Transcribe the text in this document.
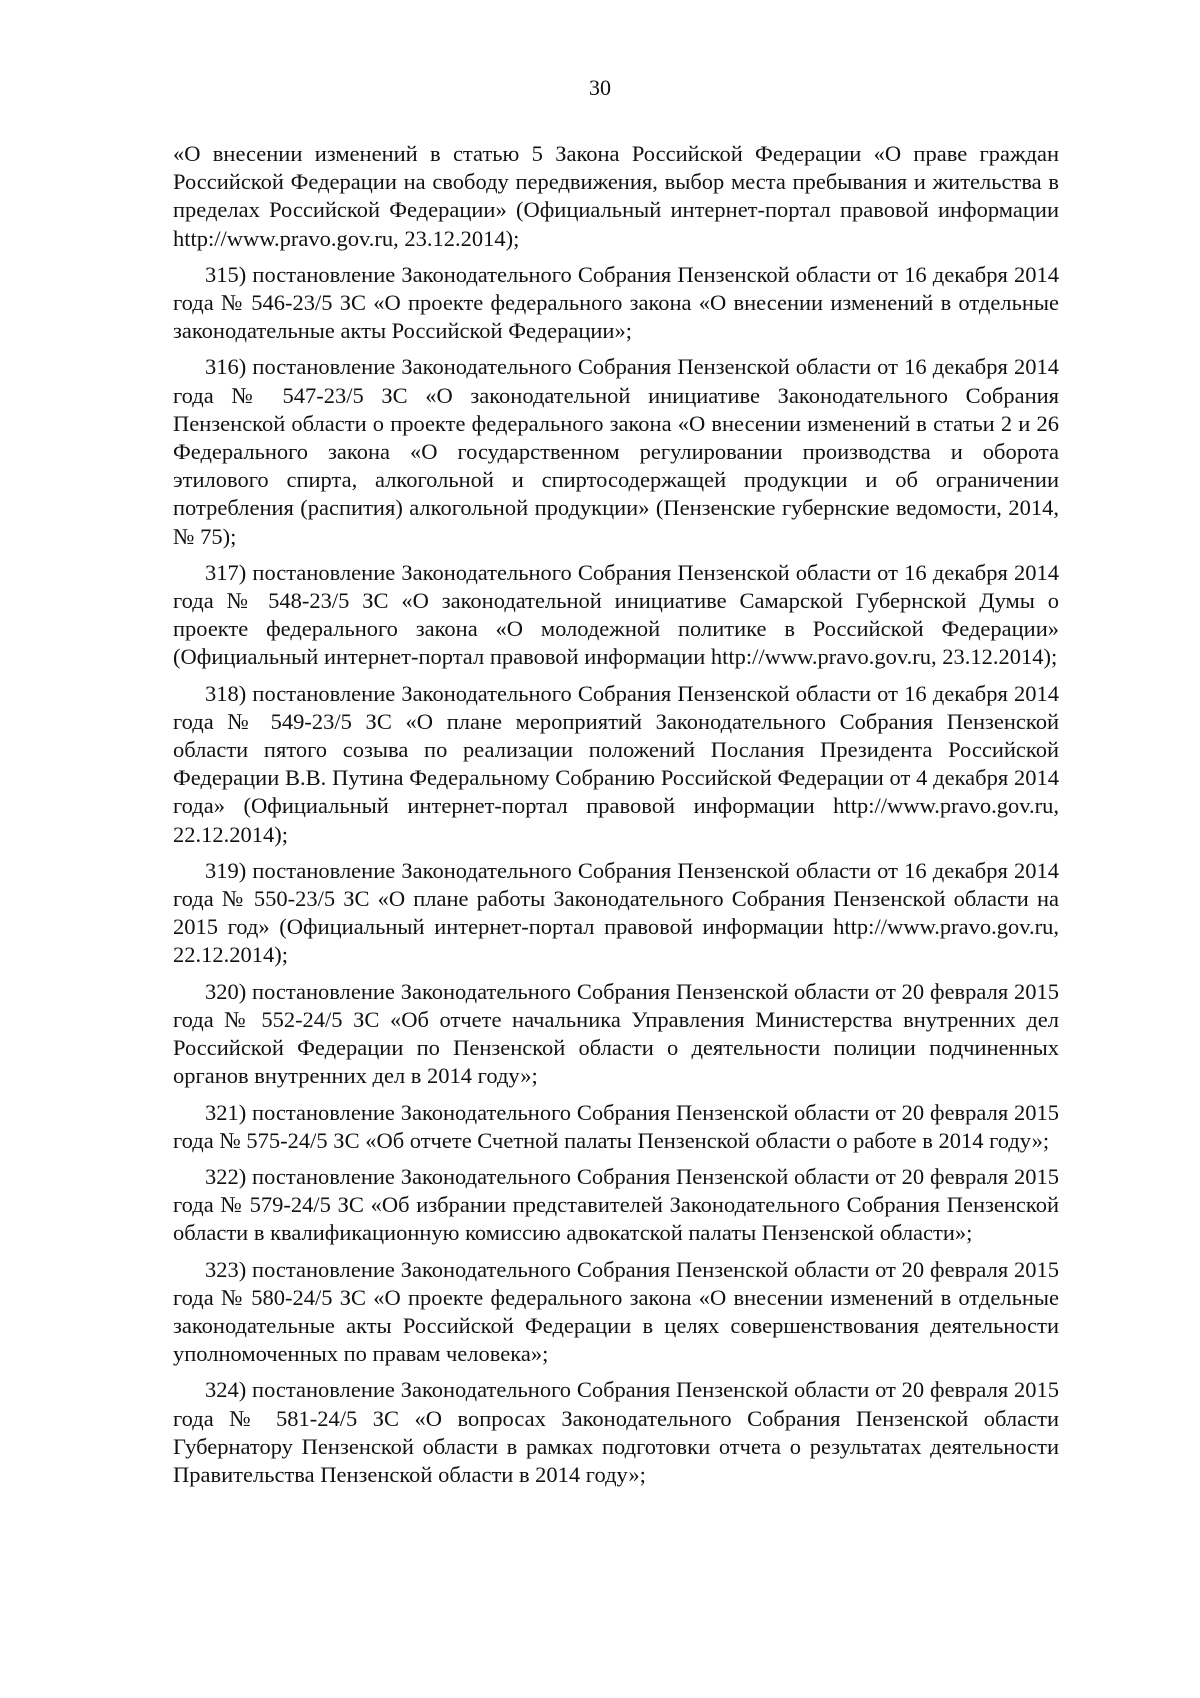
30

«О внесении изменений в статью 5 Закона Российской Федерации «О праве граждан Российской Федерации на свободу передвижения, выбор места пребывания и жительства в пределах Российской Федерации» (Официальный интернет-портал правовой информации http://www.pravo.gov.ru, 23.12.2014);

315) постановление Законодательного Собрания Пензенской области от 16 декабря 2014 года № 546-23/5 ЗС «О проекте федерального закона «О внесении изменений в отдельные законодательные акты Российской Федерации»;

316) постановление Законодательного Собрания Пензенской области от 16 декабря 2014 года № 547-23/5 ЗС «О законодательной инициативе Законодательного Собрания Пензенской области о проекте федерального закона «О внесении изменений в статьи 2 и 26 Федерального закона «О государственном регулировании производства и оборота этилового спирта, алкогольной и спиртосодержащей продукции и об ограничении потребления (распития) алкогольной продукции» (Пензенские губернские ведомости, 2014, № 75);

317) постановление Законодательного Собрания Пензенской области от 16 декабря 2014 года № 548-23/5 ЗС «О законодательной инициативе Самарской Губернской Думы о проекте федерального закона «О молодежной политике в Российской Федерации» (Официальный интернет-портал правовой информации http://www.pravo.gov.ru, 23.12.2014);

318) постановление Законодательного Собрания Пензенской области от 16 декабря 2014 года № 549-23/5 ЗС «О плане мероприятий Законодательного Собрания Пензенской области пятого созыва по реализации положений Послания Президента Российской Федерации В.В. Путина Федеральному Собранию Российской Федерации от 4 декабря 2014 года» (Официальный интернет-портал правовой информации http://www.pravo.gov.ru, 22.12.2014);

319) постановление Законодательного Собрания Пензенской области от 16 декабря 2014 года № 550-23/5 ЗС «О плане работы Законодательного Собрания Пензенской области на 2015 год» (Официальный интернет-портал правовой информации http://www.pravo.gov.ru, 22.12.2014);

320) постановление Законодательного Собрания Пензенской области от 20 февраля 2015 года № 552-24/5 ЗС «Об отчете начальника Управления Министерства внутренних дел Российской Федерации по Пензенской области о деятельности полиции подчиненных органов внутренних дел в 2014 году»;

321) постановление Законодательного Собрания Пензенской области от 20 февраля 2015 года № 575-24/5 ЗС «Об отчете Счетной палаты Пензенской области о работе в 2014 году»;

322) постановление Законодательного Собрания Пензенской области от 20 февраля 2015 года № 579-24/5 ЗС «Об избрании представителей Законодательного Собрания Пензенской области в квалификационную комиссию адвокатской палаты Пензенской области»;

323) постановление Законодательного Собрания Пензенской области от 20 февраля 2015 года № 580-24/5 ЗС «О проекте федерального закона «О внесении изменений в отдельные законодательные акты Российской Федерации в целях совершенствования деятельности уполномоченных по правам человека»;

324) постановление Законодательного Собрания Пензенской области от 20 февраля 2015 года № 581-24/5 ЗС «О вопросах Законодательного Собрания Пензенской области Губернатору Пензенской области в рамках подготовки отчета о результатах деятельности Правительства Пензенской области в 2014 году»;
